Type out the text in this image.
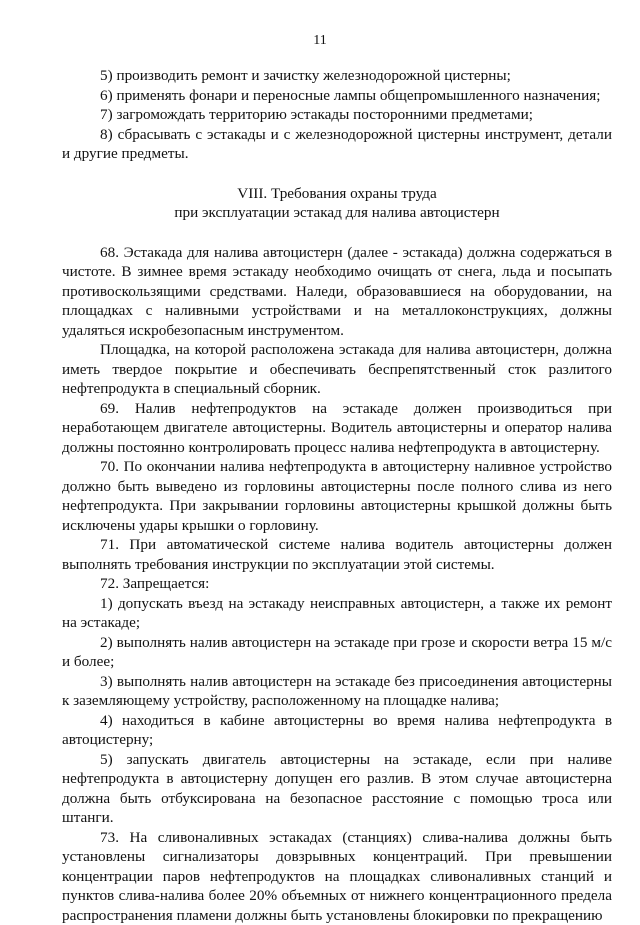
11

5) производить ремонт и зачистку железнодорожной цистерны;

6) применять фонари и переносные лампы общепромышленного назначения;

7) загромождать территорию эстакады посторонними предметами;

8) сбрасывать с эстакады и с железнодорожной цистерны инструмент, детали и другие предметы.

VIII. Требования охраны труда
при эксплуатации эстакад для налива автоцистерн

68. Эстакада для налива автоцистерн (далее - эстакада) должна содержаться в чистоте. В зимнее время эстакаду необходимо очищать от снега, льда и посыпать противоскользящими средствами. Наледи, образовавшиеся на оборудовании, на площадках с наливными устройствами и на металлоконструкциях, должны удаляться искробезопасным инструментом.

Площадка, на которой расположена эстакада для налива автоцистерн, должна иметь твердое покрытие и обеспечивать беспрепятственный сток разлитого нефтепродукта в специальный сборник.

69. Налив нефтепродуктов на эстакаде должен производиться при неработающем двигателе автоцистерны. Водитель автоцистерны и оператор налива должны постоянно контролировать процесс налива нефтепродукта в автоцистерну.

70. По окончании налива нефтепродукта в автоцистерну наливное устройство должно быть выведено из горловины автоцистерны после полного слива из него нефтепродукта. При закрывании горловины автоцистерны крышкой должны быть исключены удары крышки о горловину.

71. При автоматической системе налива водитель автоцистерны должен выполнять требования инструкции по эксплуатации этой системы.

72. Запрещается:

1) допускать въезд на эстакаду неисправных автоцистерн, а также их ремонт на эстакаде;

2) выполнять налив автоцистерн на эстакаде при грозе и скорости ветра 15 м/с и более;

3) выполнять налив автоцистерн на эстакаде без присоединения автоцистерны к заземляющему устройству, расположенному на площадке налива;

4) находиться в кабине автоцистерны во время налива нефтепродукта в автоцистерну;

5) запускать двигатель автоцистерны на эстакаде, если при наливе нефтепродукта в автоцистерну допущен его разлив. В этом случае автоцистерна должна быть отбуксирована на безопасное расстояние с помощью троса или штанги.

73. На сливоналивных эстакадах (станциях) слива-налива должны быть установлены сигнализаторы довзрывных концентраций. При превышении концентрации паров нефтепродуктов на площадках сливоналивных станций и пунктов слива-налива более 20% объемных от нижнего концентрационного предела распространения пламени должны быть установлены блокировки по прекращению
